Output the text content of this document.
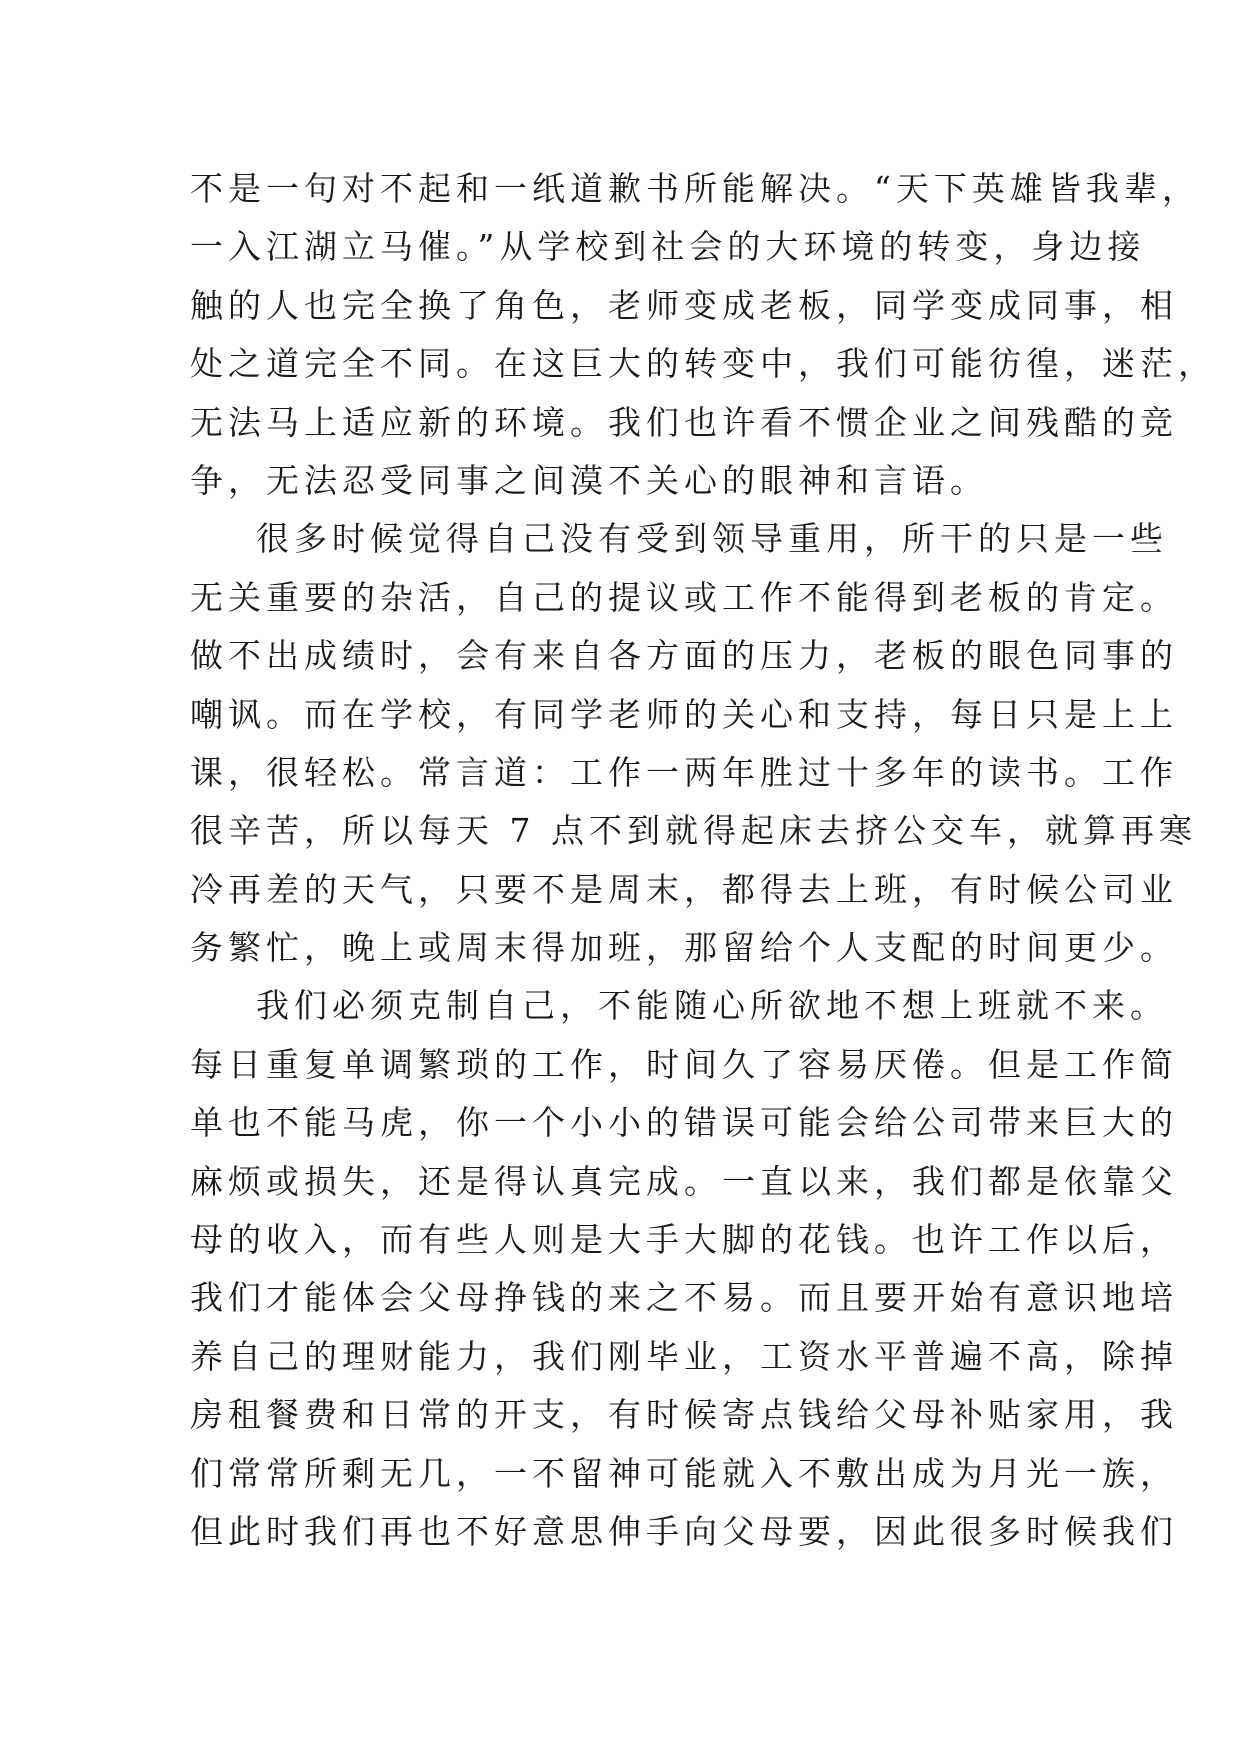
不是一句对不起和一纸道歉书所能解决。“天下英雄皆我辈，
一入江湖立马催。”从学校到社会的大环境的转变，身边接
触的人也完全换了角色，老师变成老板，同学变成同事，相
处之道完全不同。在这巨大的转变中，我们可能彷徨，迷茫，
无法马上适应新的环境。我们也许看不惯企业之间残酷的竞
争，无法忍受同事之间漠不关心的眼神和言语。
很多时候觉得自己没有受到领导重用，所干的只是一些
无关重要的杂活，自己的提议或工作不能得到老板的肯定。
做不出成绩时，会有来自各方面的压力，老板的眼色同事的
嘲讽。而在学校，有同学老师的关心和支持，每日只是上上
课，很轻松。常言道：工作一两年胜过十多年的读书。工作
很辛苦，所以每天 7 点不到就得起床去挤公交车，就算再寒
冷再差的天气，只要不是周末，都得去上班，有时候公司业
务繁忙，晚上或周末得加班，那留给个人支配的时间更少。
我们必须克制自己，不能随心所欲地不想上班就不来。
每日重复单调繁琐的工作，时间久了容易厌倦。但是工作简
单也不能马虎，你一个小小的错误可能会给公司带来巨大的
麻烦或损失，还是得认真完成。一直以来，我们都是依靠父
母的收入，而有些人则是大手大脚的花钱。也许工作以后，
我们才能体会父母挣钱的来之不易。而且要开始有意识地培
养自己的理财能力，我们刚毕业，工资水平普遍不高，除掉
房租餐费和日常的开支，有时候寄点钱给父母补贴家用，我
们常常所剩无几，一不留神可能就入不敷出成为月光一族，
但此时我们再也不好意思伸手向父母要，因此很多时候我们
